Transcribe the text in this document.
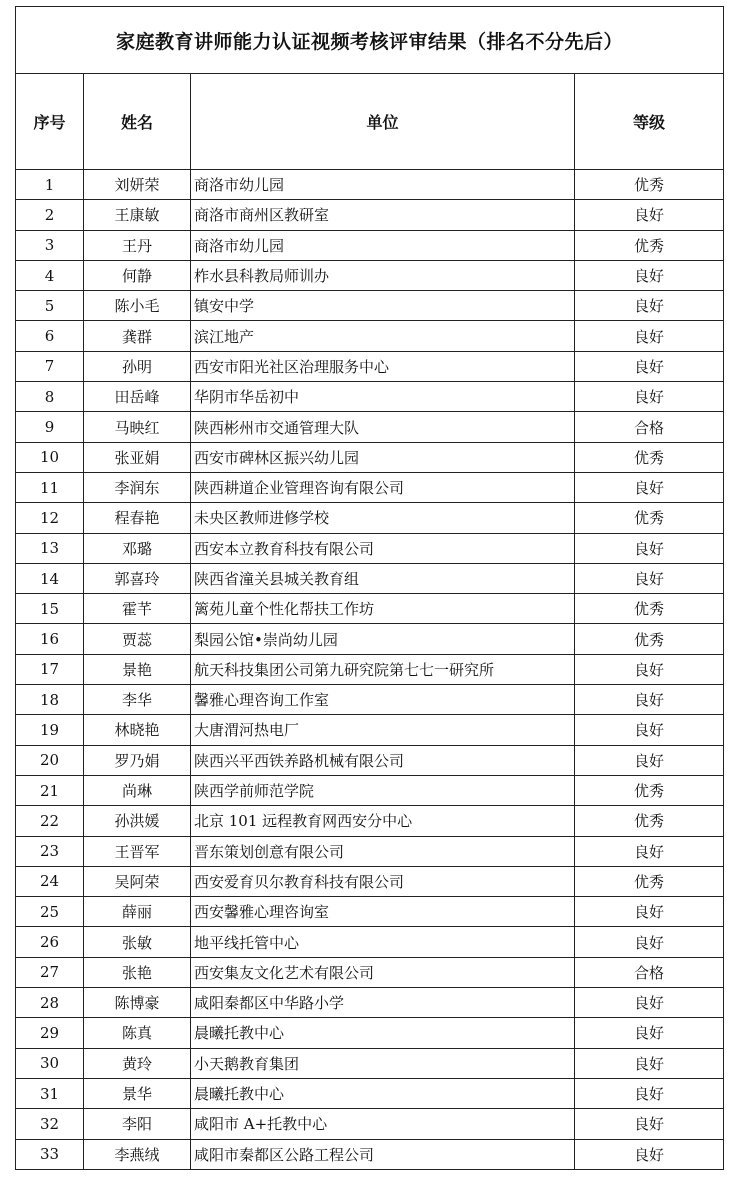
家庭教育讲师能力认证视频考核评审结果（排名不分先后）			
序号	姓名	单位	等级
1	刘妍荣	商洛市幼儿园	优秀
2	王康敏	商洛市商州区教研室	良好
3	王丹	商洛市幼儿园	优秀
4	何静	柞水县科教局师训办	良好
5	陈小毛	镇安中学	良好
6	龚群	滨江地产	良好
7	孙明	西安市阳光社区治理服务中心	良好
8	田岳峰	华阴市华岳初中	良好
9	马映红	陕西彬州市交通管理大队	合格
10	张亚娟	西安市碑林区振兴幼儿园	优秀
11	李润东	陕西耕道企业管理咨询有限公司	良好
12	程春艳	未央区教师进修学校	优秀
13	邓璐	西安本立教育科技有限公司	良好
14	郭喜玲	陕西省潼关县城关教育组	良好
15	霍芊	篱苑儿童个性化帮扶工作坊	优秀
16	贾蕊	梨园公馆•崇尚幼儿园	优秀
17	景艳	航天科技集团公司第九研究院第七七一研究所	良好
18	李华	馨雅心理咨询工作室	良好
19	林晓艳	大唐渭河热电厂	良好
20	罗乃娟	陕西兴平西铁养路机械有限公司	良好
21	尚琳	陕西学前师范学院	优秀
22	孙洪媛	北京 101 远程教育网西安分中心	优秀
23	王晋军	晋东策划创意有限公司	良好
24	吴阿荣	西安爱育贝尔教育科技有限公司	优秀
25	薛丽	西安馨雅心理咨询室	良好
26	张敏	地平线托管中心	良好
27	张艳	西安集友文化艺术有限公司	合格
28	陈博豪	咸阳秦都区中华路小学	良好
29	陈真	晨曦托教中心	良好
30	黄玲	小天鹅教育集团	良好
31	景华	晨曦托教中心	良好
32	李阳	咸阳市 A+托教中心	良好
33	李燕绒	咸阳市秦都区公路工程公司	良好
